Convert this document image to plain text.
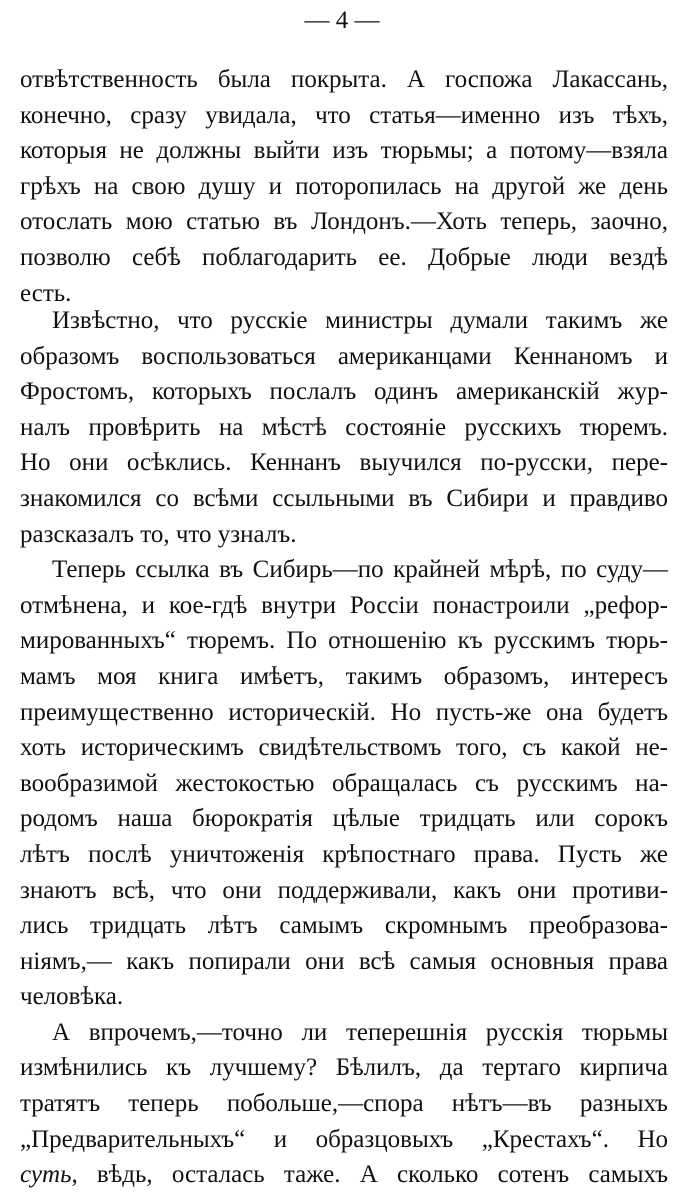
— 4 —
отвѣтственность была покрыта. А госпожа Лакассань,
конечно, сразу увидала, что статья—именно изъ тѣхъ,
которыя не должны выйти изъ тюрьмы; а потому—взяла
грѣхъ на свою душу и поторопилась на другой же день
отослать мою статью въ Лондонъ.—Хоть теперь, заочно,
позволю себѣ поблагодарить ее. Добрые люди вездѣ
есть.
Извѣстно, что русскіе министры думали такимъ же
образомъ воспользоваться американцами Кеннаномъ и
Фростомъ, которыхъ послалъ одинъ американскій жур-
налъ провѣрить на мѣстѣ состояніе русскихъ тюремъ.
Но они осѣклись. Кеннанъ выучился по-русски, пере-
знакомился со всѣми ссыльными въ Сибири и правдиво
разсказалъ то, что узналъ.
Теперь ссылка въ Сибирь—по крайней мѣрѣ, по суду—
отмѣнена, и кое-гдѣ внутри Россіи понастроили „рефор-
мированныхъ“ тюремъ. По отношенію къ русскимъ тюрь-
мамъ моя книга имѣетъ, такимъ образомъ, интересъ
преимущественно историческій. Но пусть-же она будетъ
хоть историческимъ свидѣтельствомъ того, съ какой не-
вообразимой жестокостью обращалась съ русскимъ на-
родомъ наша бюрократія цѣлые тридцать или сорокъ
лѣтъ послѣ уничтоженія крѣпостнаго права. Пусть же
знаютъ всѣ, что они поддерживали, какъ они противи-
лись тридцать лѣтъ самымъ скромнымъ преобразова-
ніямъ,— какъ попирали они всѣ самыя основныя права
человѣка.
А впрочемъ,—точно ли теперешнія русскія тюрьмы
измѣнились къ лучшему? Бѣлилъ, да тертаго кирпича
тратятъ теперь побольше,—спора нѣтъ—въ разныхъ
„Предварительныхъ“ и образцовыхъ „Крестахъ“. Но
суть, вѣдь, осталась таже. А сколько сотенъ самыхъ
